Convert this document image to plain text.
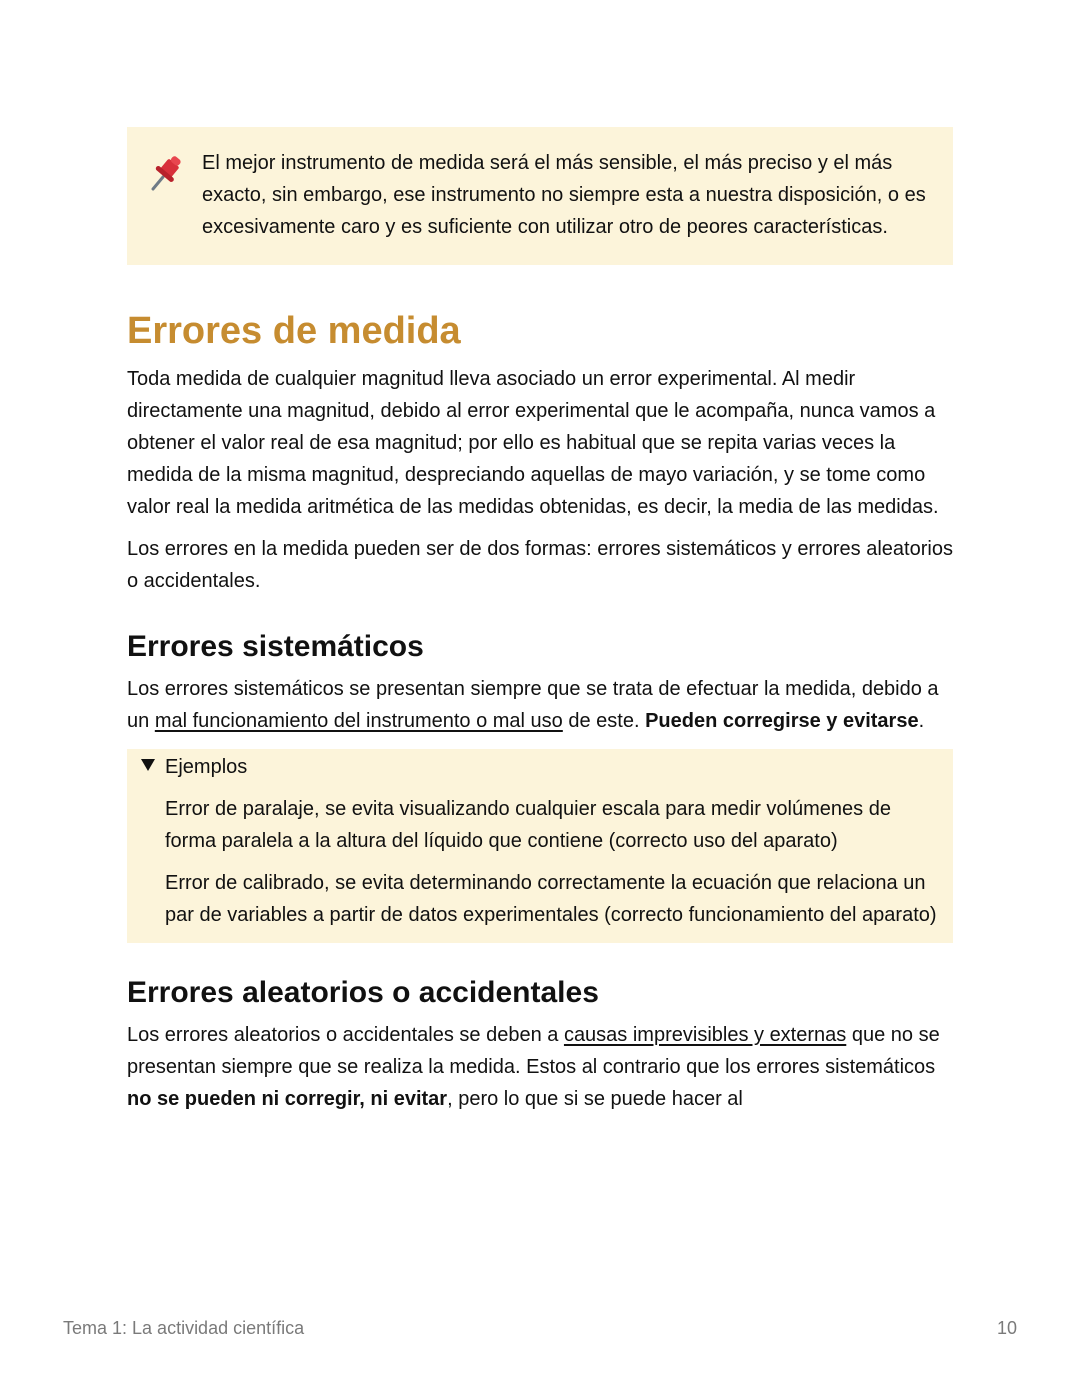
El mejor instrumento de medida será el más sensible, el más preciso y el más exacto, sin embargo, ese instrumento no siempre esta a nuestra disposición, o es excesivamente caro y es suficiente con utilizar otro de peores características.

Errores de medida

Toda medida de cualquier magnitud lleva asociado un error experimental. Al medir directamente una magnitud, debido al error experimental que le acompaña, nunca vamos a obtener el valor real de esa magnitud; por ello es habitual que se repita varias veces la medida de la misma magnitud, despreciando aquellas de mayo variación, y se tome como valor real la medida aritmética de las medidas obtenidas, es decir, la media de las medidas.

Los errores en la medida pueden ser de dos formas: errores sistemáticos y errores aleatorios o accidentales.

Errores sistemáticos

Los errores sistemáticos se presentan siempre que se trata de efectuar la medida, debido a un mal funcionamiento del instrumento o mal uso de este. Pueden corregirse y evitarse.

Ejemplos

Error de paralaje, se evita visualizando cualquier escala para medir volúmenes de forma paralela a la altura del líquido que contiene (correcto uso del aparato)

Error de calibrado, se evita determinando correctamente la ecuación que relaciona un par de variables a partir de datos experimentales (correcto funcionamiento del aparato)

Errores aleatorios o accidentales

Los errores aleatorios o accidentales se deben a causas imprevisibles y externas que no se presentan siempre que se realiza la medida. Estos al contrario que los errores sistemáticos no se pueden ni corregir, ni evitar, pero lo que si se puede hacer al

Tema 1: La actividad científica	10
